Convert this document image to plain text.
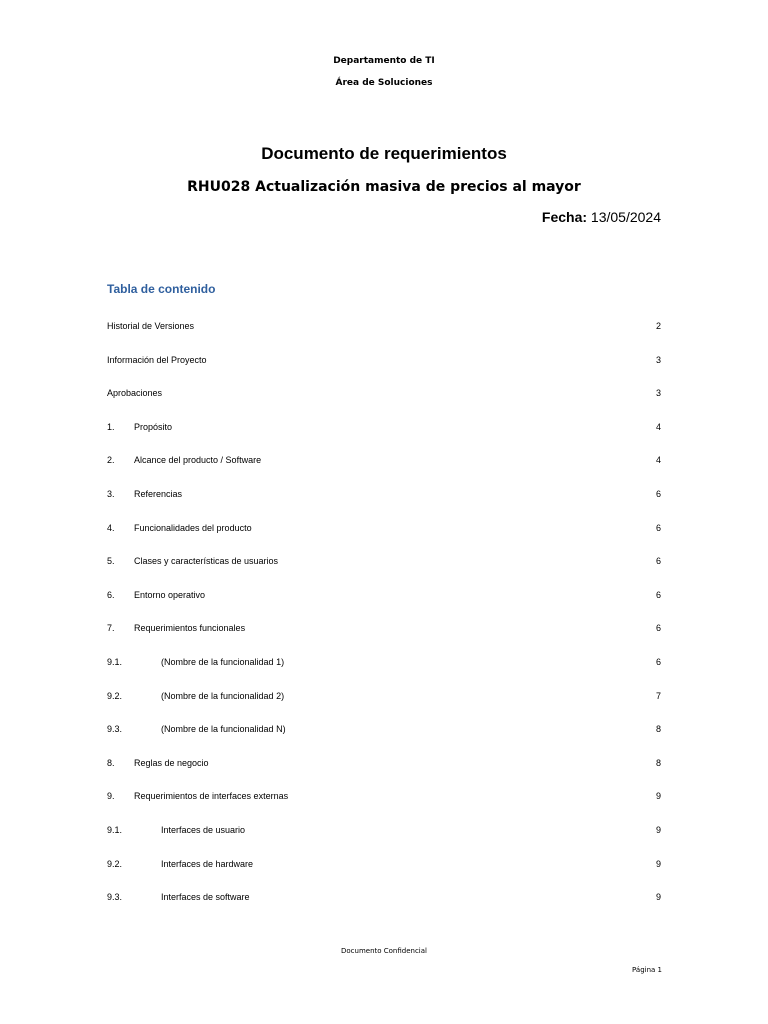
Departamento de TI
Área de Soluciones
Documento de requerimientos
RHU028 Actualización masiva de precios al mayor
Fecha: 13/05/2024
Tabla de contenido
Historial de Versiones	2
Información del Proyecto	3
Aprobaciones	3
1. Propósito	4
2. Alcance del producto / Software	4
3. Referencias	6
4. Funcionalidades del producto	6
5. Clases y características de usuarios	6
6. Entorno operativo	6
7. Requerimientos funcionales	6
9.1.	(Nombre de la funcionalidad 1)	6
9.2.	(Nombre de la funcionalidad 2)	7
9.3.	(Nombre de la funcionalidad N)	8
8. Reglas de negocio	8
9. Requerimientos de interfaces externas	9
9.1.	Interfaces de usuario	9
9.2.	Interfaces de hardware	9
9.3.	Interfaces de software	9
Documento Confidencial
Página 1
